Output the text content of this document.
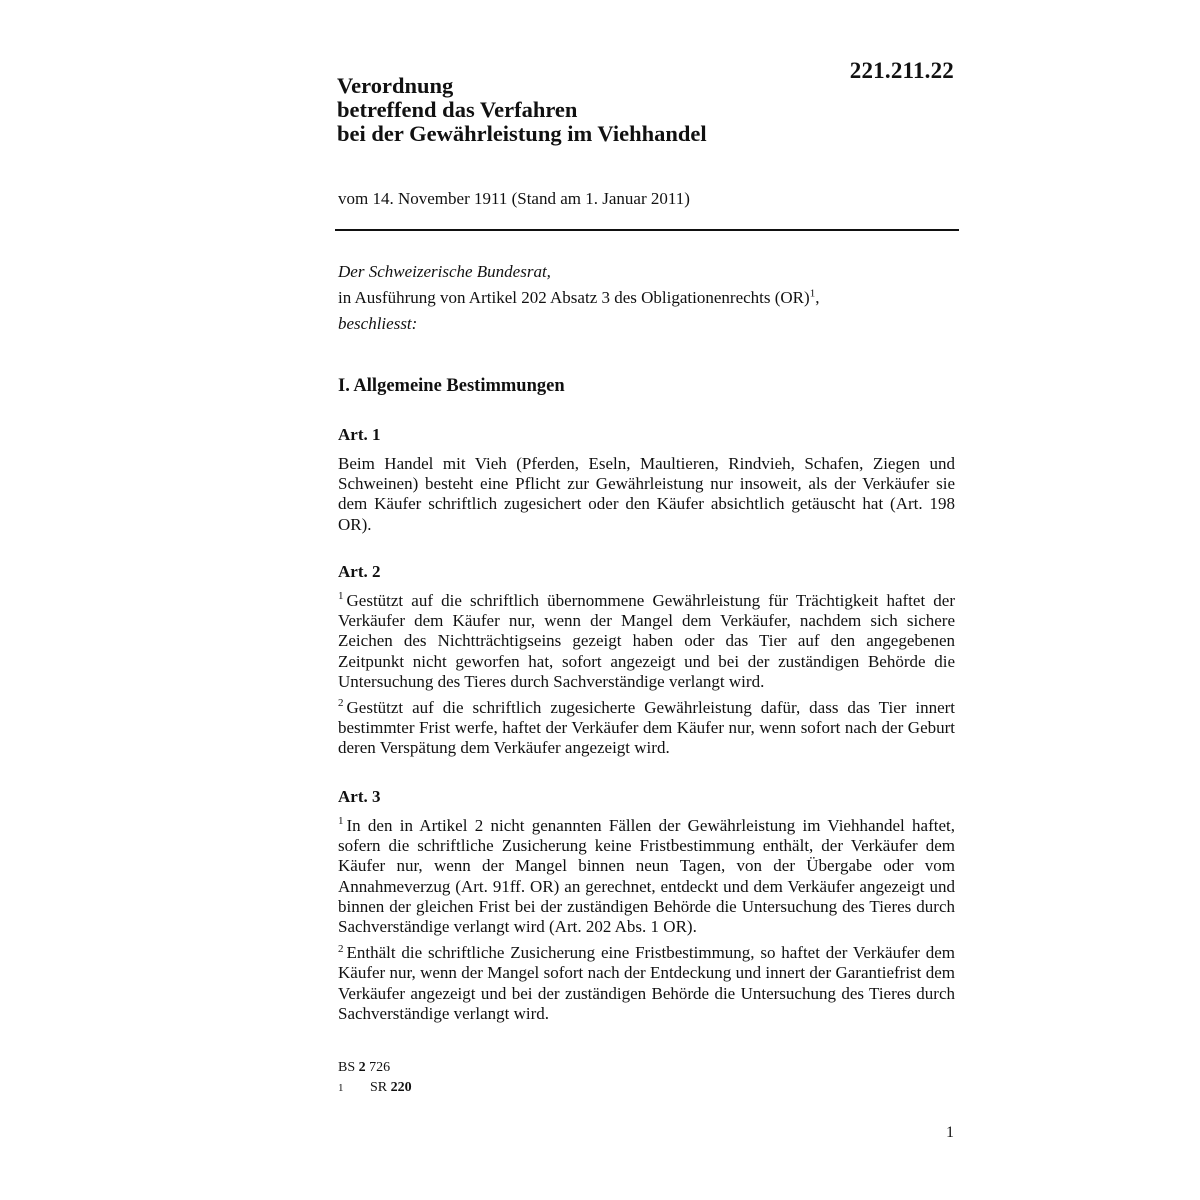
221.211.22
Verordnung
betreffend das Verfahren
bei der Gewährleistung im Viehhandel
vom 14. November 1911 (Stand am 1. Januar 2011)
Der Schweizerische Bundesrat,
in Ausführung von Artikel 202 Absatz 3 des Obligationenrechts (OR)$^1$,
beschliesst:
I. Allgemeine Bestimmungen
Art. 1

Beim Handel mit Vieh (Pferden, Eseln, Maultieren, Rindvieh, Schafen, Ziegen und Schweinen) besteht eine Pflicht zur Gewährleistung nur insoweit, als der Verkäufer sie dem Käufer schriftlich zugesichert oder den Käufer absichtlich getäuscht hat (Art. 198 OR).

Art. 2

$^1$ Gestützt auf die schriftlich übernommene Gewährleistung für Trächtigkeit haftet der Verkäufer dem Käufer nur, wenn der Mangel dem Verkäufer, nachdem sich sichere Zeichen des Nichtträchtigseins gezeigt haben oder das Tier auf den angegebenen Zeitpunkt nicht geworfen hat, sofort angezeigt und bei der zuständigen Behörde die Untersuchung des Tieres durch Sachverständige verlangt wird.

$^2$ Gestützt auf die schriftlich zugesicherte Gewährleistung dafür, dass das Tier innert bestimmter Frist werfe, haftet der Verkäufer dem Käufer nur, wenn sofort nach der Geburt deren Verspätung dem Verkäufer angezeigt wird.

Art. 3

$^1$ In den in Artikel 2 nicht genannten Fällen der Gewährleistung im Viehhandel haftet, sofern die schriftliche Zusicherung keine Fristbestimmung enthält, der Verkäufer dem Käufer nur, wenn der Mangel binnen neun Tagen, von der Übergabe oder vom Annahmeverzug (Art. 91ff. OR) an gerechnet, entdeckt und dem Verkäufer angezeigt und binnen der gleichen Frist bei der zuständigen Behörde die Untersuchung des Tieres durch Sachverständige verlangt wird (Art. 202 Abs. 1 OR).

$^2$ Enthält die schriftliche Zusicherung eine Fristbestimmung, so haftet der Verkäufer dem Käufer nur, wenn der Mangel sofort nach der Entdeckung und innert der Garantiefrist dem Verkäufer angezeigt und bei der zuständigen Behörde die Untersuchung des Tieres durch Sachverständige verlangt wird.

BS 2 726
1 SR 220
1
